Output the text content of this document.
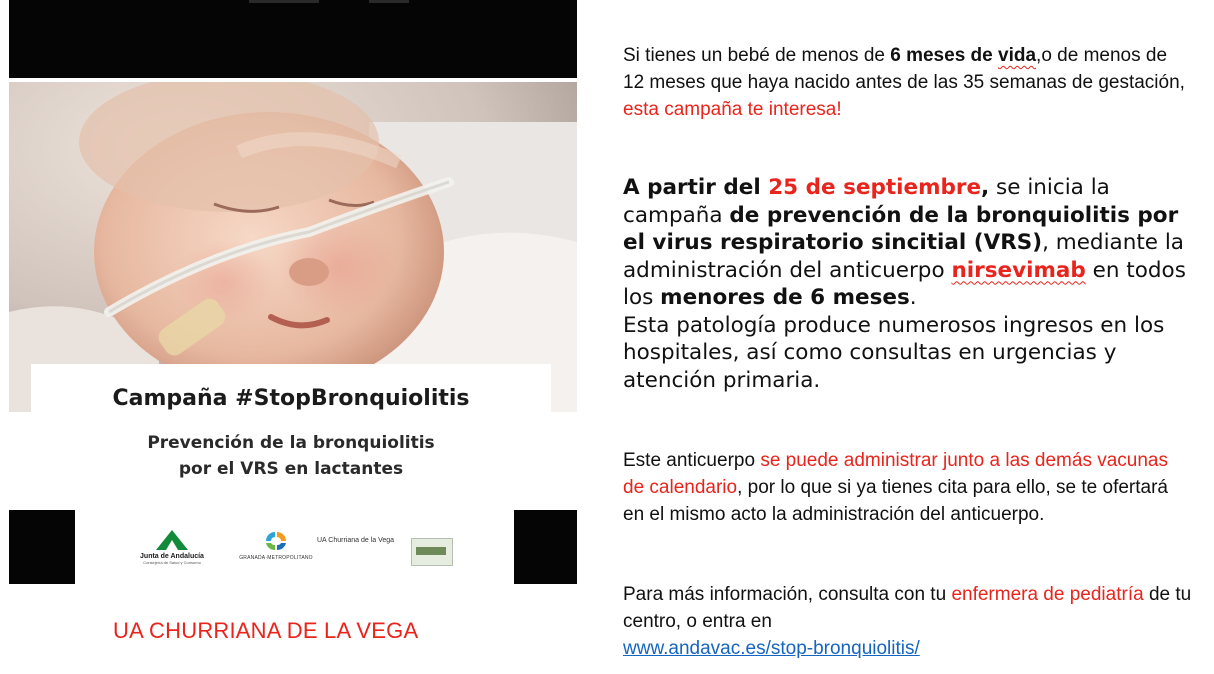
Campaña #StopBronquiolitis
Prevención de la bronquiolitis
por el VRS en lactantes
Junta de Andalucía
Consejería de Salud y Consumo
GRANADA·METROPOLITANO
UA Churriana de la Vega
UA CHURRIANA DE LA VEGA
Si tienes un bebé de menos de 6 meses de vida,o de menos de 12 meses que haya nacido antes de las 35 semanas de gestación, esta campaña te interesa!
A partir del 25 de septiembre, se inicia la campaña de prevención de la bronquiolitis por el virus respiratorio sincitial (VRS), mediante la administración del anticuerpo nirsevimab en todos los menores de 6 meses.
Esta patología produce numerosos ingresos en los hospitales, así como consultas en urgencias y atención primaria.
Este anticuerpo se puede administrar junto a las demás vacunas de calendario, por lo que si ya tienes cita para ello, se te ofertará en el mismo acto la administración del anticuerpo.
Para más información, consulta con tu enfermera de pediatría de tu centro, o entra en
www.andavac.es/stop-bronquiolitis/
